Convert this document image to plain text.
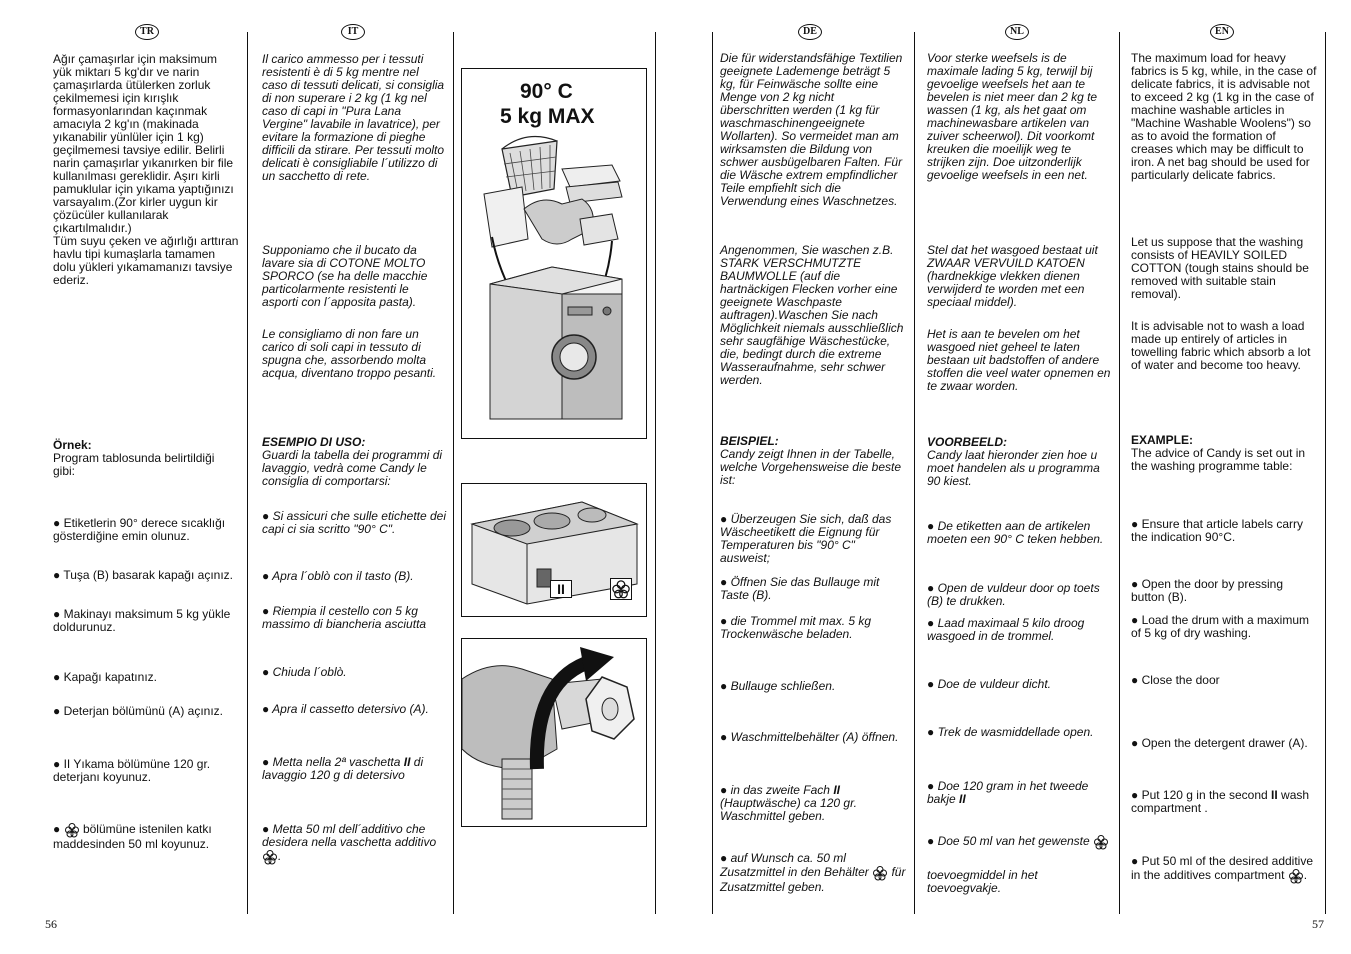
TR	IT	DE	NL	EN
Ağır çamaşırlar için maksimum yük miktarı 5 kg'dır ve narin çamaşırlarda ütülerken zorluk çekilmemesi için kırışlık formasyonlarından kaçınmak amacıyla 2 kg'ın (makinada yıkanabilir yünlüler için 1 kg) geçilmemesi tavsiye edilir. Belirli narin çamaşırlar yıkanırken bir file kullanılması gereklidir. Aşırı kirli pamuklular için yıkama yaptığınızı varsayalım.(Zor kirler uygun kir çözücüler kullanılarak çıkartılmalıdır.)
Tüm suyu çeken ve ağırlığı arttıran havlu tipi kumaşlarla tamamen dolu yükleri yıkamamanızı tavsiye ederiz.
Örnek:
Program tablosunda belirtildiği gibi:
● Etiketlerin 90° derece sıcaklığı gösterdiğine emin olunuz.
● Tuşa (B) basarak kapağı açınız.
● Makinayı maksimum 5 kg yükle doldurunuz.
● Kapağı kapatınız.
● Deterjan bölümünü (A) açınız.
● II Yıkama bölümüne 120 gr. deterjanı koyunuz.
● bölümüne istenilen katkı maddesinden 50 ml koyunuz.
Il carico ammesso per i tessuti resistenti è di 5 kg mentre nel caso di tessuti delicati, si consiglia di non superare i 2 kg (1 kg nel caso di capi in "Pura Lana Vergine" lavabile in lavatrice), per evitare la formazione di pieghe difficili da stirare. Per tessuti molto delicati è consigliabile l´utilizzo di un sacchetto di rete.
Supponiamo che il bucato da lavare sia di COTONE MOLTO SPORCO (se ha delle macchie particolarmente resistenti le asporti con l´apposita pasta).
Le consigliamo di non fare un carico di soli capi in tessuto di spugna che, assorbendo molta acqua, diventano troppo pesanti.
ESEMPIO DI USO:
Guardi la tabella dei programmi di lavaggio, vedrà come Candy le consiglia di comportarsi:
● Si assicuri che sulle etichette dei capi ci sia scritto "90° C".
● Apra l´oblò con il tasto (B).
● Riempia il cestello con 5 kg massimo di biancheria asciutta
● Chiuda l´oblò.
● Apra il cassetto detersivo (A).
● Metta nella 2ª vaschetta II di lavaggio 120 g di detersivo
● Metta 50 ml dell´additivo che desidera nella vaschetta additivo .
90° C
5 kg MAX
II
Die für widerstandsfähige Textilien geeignete Lademenge beträgt 5 kg, für Feinwäsche sollte eine Menge von 2 kg nicht überschritten werden (1 kg für waschmaschinengeeignete Wollarten). So vermeidet man am wirksamsten die Bildung von schwer ausbügelbaren Falten. Für die Wäsche extrem empfindlicher Teile empfiehlt sich die Verwendung eines Waschnetzes.
Angenommen, Sie waschen z.B. STARK VERSCHMUTZTE BAUMWOLLE (auf die hartnäckigen Flecken vorher eine geeignete Waschpaste auftragen).Waschen Sie nach Möglichkeit niemals ausschließlich sehr saugfähige Wäschestücke, die, bedingt durch die extreme Wasseraufnahme, sehr schwer werden.
BEISPIEL:
Candy zeigt Ihnen in der Tabelle, welche Vorgehensweise die beste ist:
● Überzeugen Sie sich, daß das Wäscheetikett die Eignung für Temperaturen bis "90° C" ausweist;
● Öffnen Sie das Bullauge mit Taste (B).
● die Trommel mit max. 5 kg Trockenwäsche beladen.
● Bullauge schließen.
● Waschmittelbehälter (A) öffnen.
● in das zweite Fach II (Hauptwäsche) ca 120 gr. Waschmittel geben.
● auf Wunsch ca. 50 ml Zusatzmittel in den Behälter für Zusatzmittel geben.
Voor sterke weefsels is de maximale lading 5 kg, terwijl bij gevoelige weefsels het aan te bevelen is niet meer dan 2 kg te wassen (1 kg, als het gaat om machinewasbare artikelen van zuiver scheerwol). Dit voorkomt kreuken die moeilijk weg te strijken zijn. Doe uitzonderlijk gevoelige weefsels in een net.
Stel dat het wasgoed bestaat uit ZWAAR VERVUILD KATOEN (hardnekkige vlekken dienen verwijderd te worden met een speciaal middel).
Het is aan te bevelen om het wasgoed niet geheel te laten bestaan uit badstoffen of andere stoffen die veel water opnemen en te zwaar worden.
VOORBEELD:
Candy laat hieronder zien hoe u moet handelen als u programma 90 kiest.
● De etiketten aan de artikelen moeten een 90° C teken hebben.
● Open de vuldeur door op toets (B) te drukken.
● Laad maximaal 5 kilo droog wasgoed in de trommel.
● Doe de vuldeur dicht.
● Trek de wasmiddellade open.
● Doe 120 gram in het tweede bakje II
● Doe 50 ml van het gewenste
toevoegmiddel in het toevoegvakje.
The maximum load for heavy fabrics is 5 kg, while, in the case of delicate fabrics, it is advisable not to exceed 2 kg (1 kg in the case of machine washable articles in "Machine Washable Woolens") so as to avoid the formation of creases which may be difficult to iron. A net bag should be used for particularly delicate fabrics.
Let us suppose that the washing consists of HEAVILY SOILED COTTON (tough stains should be removed with suitable stain removal).
It is advisable not to wash a load made up entirely of articles in towelling fabric which absorb a lot of water and become too heavy.
EXAMPLE:
The advice of Candy is set out in the washing programme table:
● Ensure that article labels carry the indication 90°C.
● Open the door by pressing button (B).
● Load the drum with a maximum of 5 kg of dry washing.
● Close the door
● Open the detergent drawer (A).
● Put 120 g in the second II wash compartment .
● Put 50 ml of the desired additive in the additives compartment .
56	57
